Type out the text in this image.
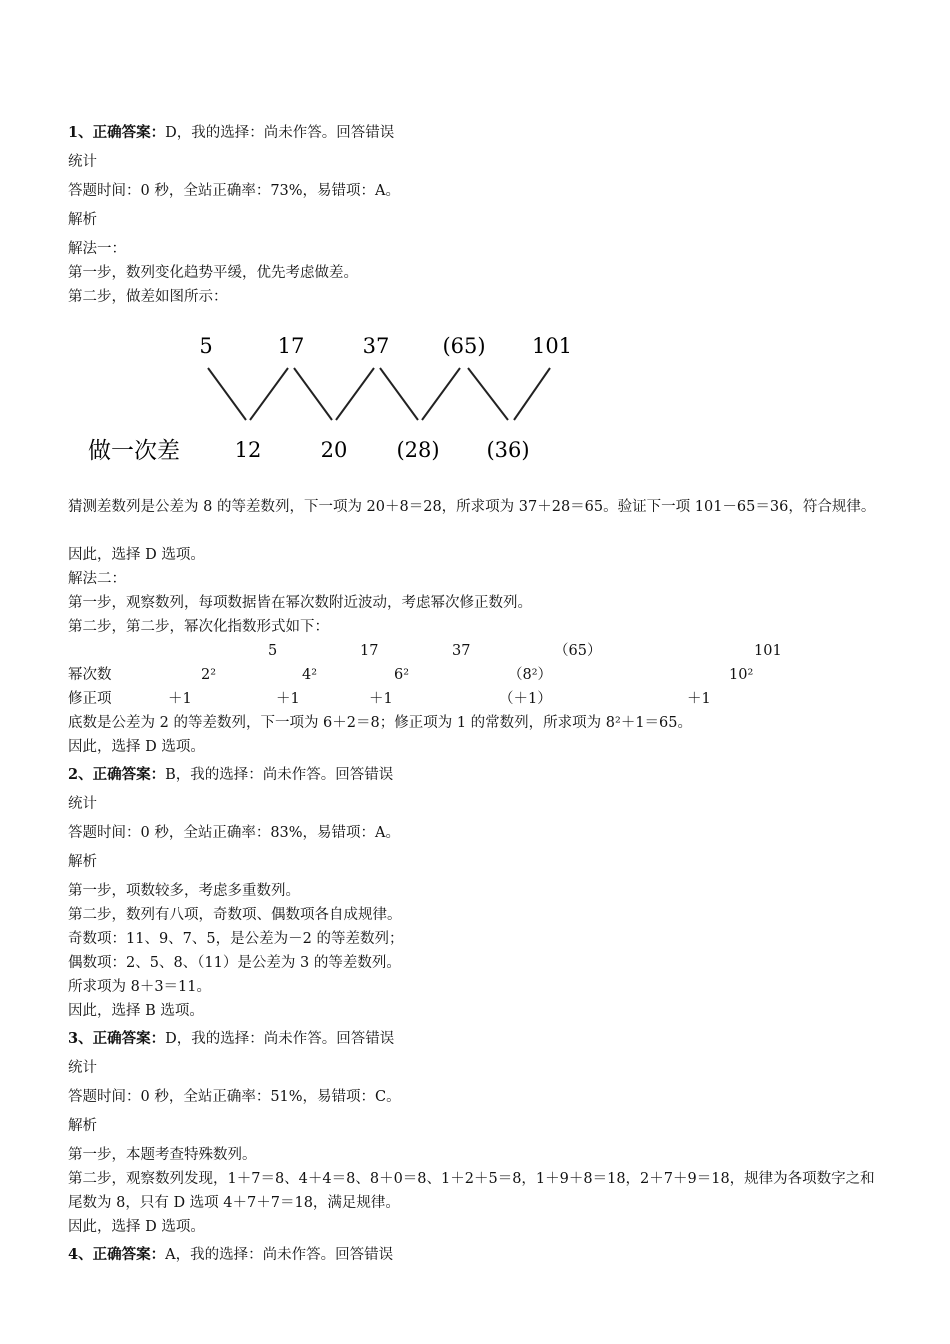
1、正确答案：D，我的选择：尚未作答。回答错误
统计
答题时间：0 秒，全站正确率：73%，易错项：A。
解析
解法一：
第一步，数列变化趋势平缓，优先考虑做差。
第二步，做差如图所示：
猜测差数列是公差为 8 的等差数列，下一项为 20＋8＝28，所求项为 37＋28＝65。验证下一项 101－65＝36，符合规律。
因此，选择 D 选项。
解法二：
第一步，观察数列，每项数据皆在幂次数附近波动，考虑幂次修正数列。
第二步，第二步，幂次化指数形式如下：
5	17	37	（65）	101
幂次数	2²	4²	6²	（8²）	10²
修正项	＋1	＋1	＋1	（＋1）	＋1
底数是公差为 2 的等差数列，下一项为 6＋2＝8；修正项为 1 的常数列，所求项为 8²＋1＝65。
因此，选择 D 选项。
2、正确答案：B，我的选择：尚未作答。回答错误
统计
答题时间：0 秒，全站正确率：83%，易错项：A。
解析
第一步，项数较多，考虑多重数列。
第二步，数列有八项，奇数项、偶数项各自成规律。
奇数项：11、9、7、5，是公差为－2 的等差数列；
偶数项：2、5、8、（11）是公差为 3 的等差数列。
所求项为 8＋3＝11。
因此，选择 B 选项。
3、正确答案：D，我的选择：尚未作答。回答错误
统计
答题时间：0 秒，全站正确率：51%，易错项：C。
解析
第一步，本题考查特殊数列。
第二步，观察数列发现，1＋7＝8、4＋4＝8、8＋0＝8、1＋2＋5＝8，1＋9＋8＝18，2＋7＋9＝18，规律为各项数字之和尾数为 8，只有 D 选项 4＋7＋7＝18，满足规律。
因此，选择 D 选项。
4、正确答案：A，我的选择：尚未作答。回答错误
5	17	37	(65) 101
12	20 (28) (36)
做一次差
